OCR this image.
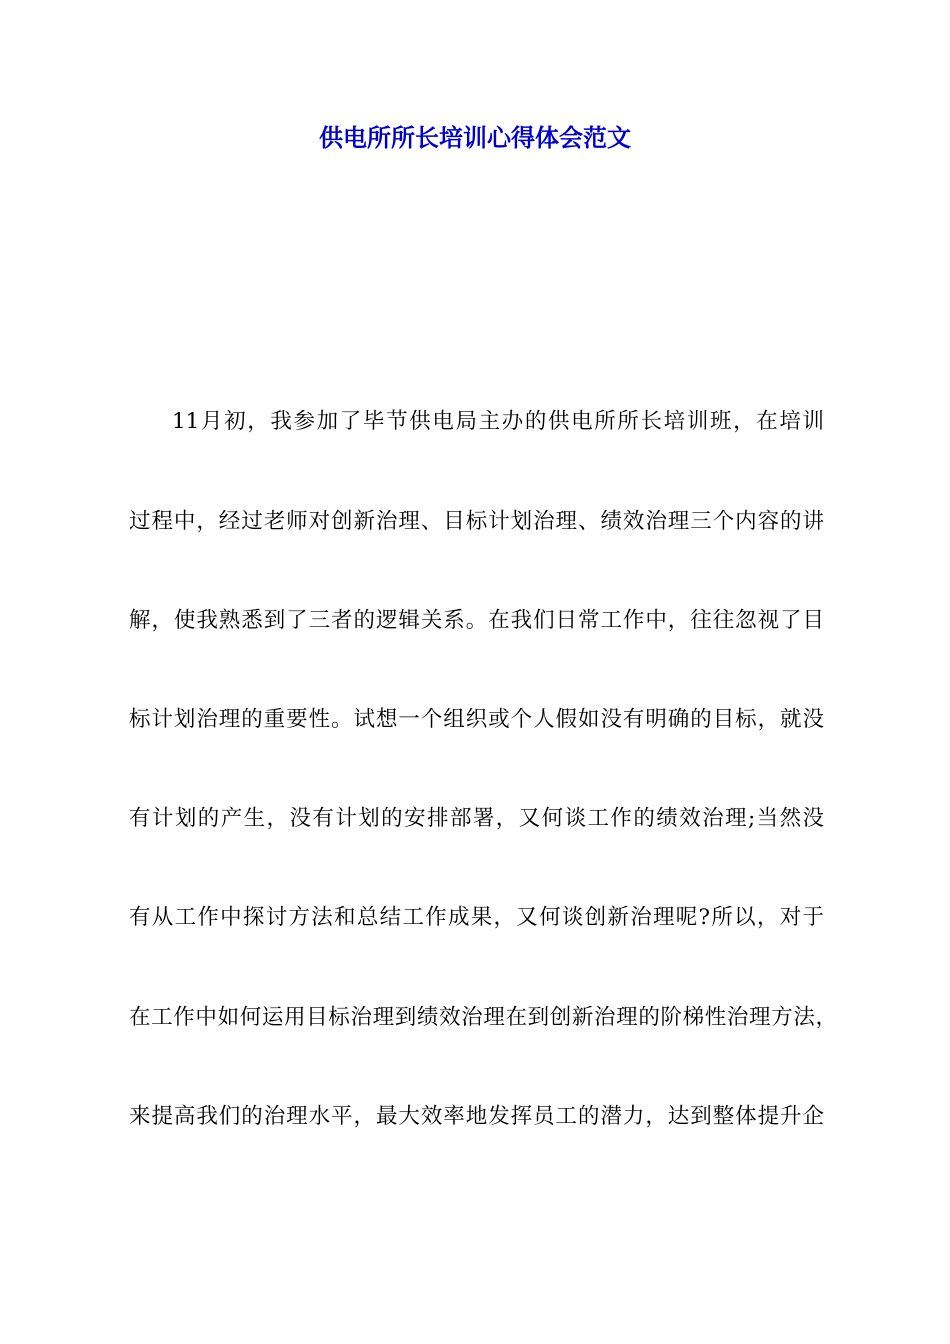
供电所所长培训心得体会范文
11月初，我参加了毕节供电局主办的供电所所长培训班，在培训
过程中，经过老师对创新治理、目标计划治理、绩效治理三个内容的讲
解，使我熟悉到了三者的逻辑关系。在我们日常工作中，往往忽视了目
标计划治理的重要性。试想一个组织或个人假如没有明确的目标，就没
有计划的产生，没有计划的安排部署，又何谈工作的绩效治理;当然没
有从工作中探讨方法和总结工作成果，又何谈创新治理呢?所以，对于
在工作中如何运用目标治理到绩效治理在到创新治理的阶梯性治理方法，
来提高我们的治理水平，最大效率地发挥员工的潜力，达到整体提升企
